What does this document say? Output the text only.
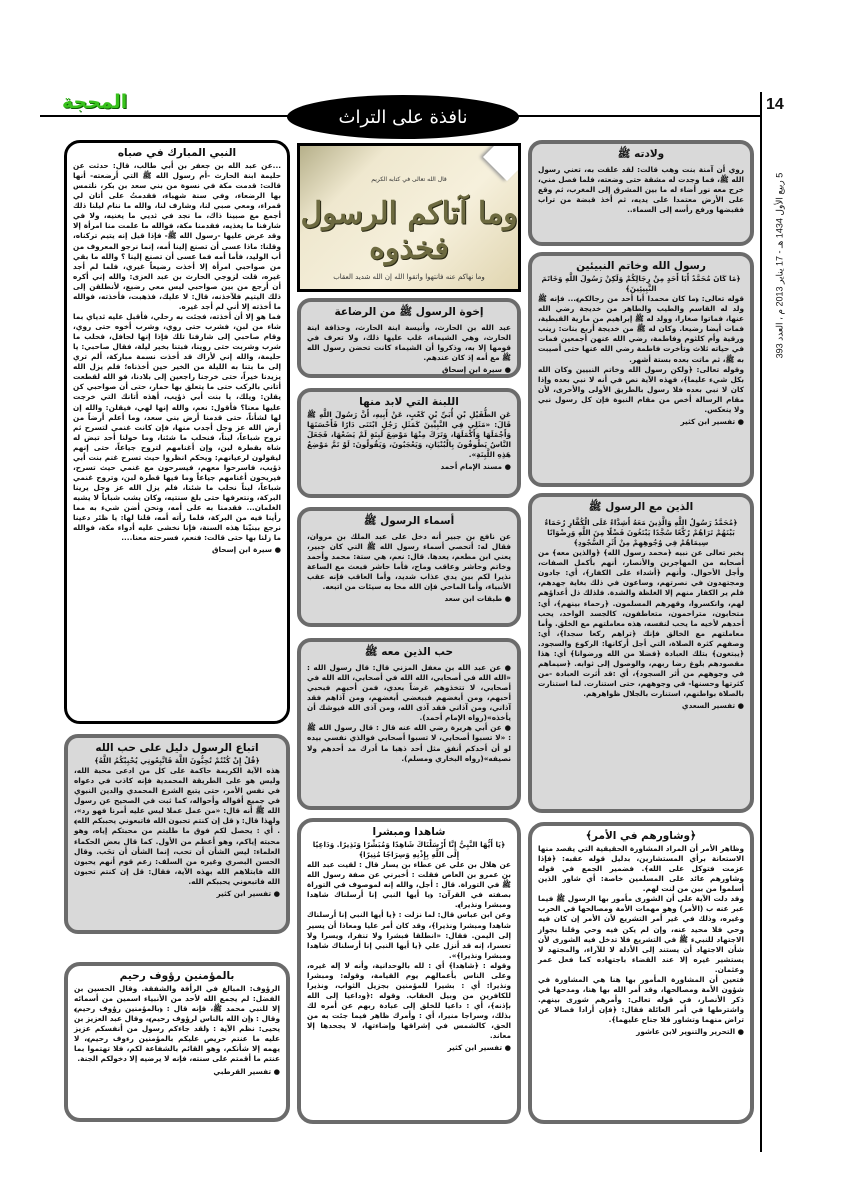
14
المحجة
نافذة على التراث
5 ربيع الأول 1434 هـ - 17 يناير 2013 م ، العدد 393
ولادته ﷺ

روي أن آمنة بنت وهب قالت: لقد علقت به، تعني رسول الله ﷺ، فما وجدت له مشقة حتى وضعته، فلما فصل مني، خرج معه نور أضاء له ما بين المشرق إلى المغرب، ثم وقع على الأرض معتمدا على يديه، ثم أخذ قبضة من تراب فقبضها ورفع رأسه إلى السماء..

رسول الله وخاتم النبيئين

﴿مَا كَانَ مُحَمَّدٌ أَبَا أَحَدٍ مِنْ رِجَالِكُمْ وَلَكِنْ رَسُولَ اللَّهِ وَخَاتَمَ النَّبِيئِينَ﴾

قوله تعالى: ﴿ما كان محمدا أبا أحد من رجالكم﴾... فإنه ﷺ ولد له القاسم والطيب والطاهر من خديجة رضي الله عنها، فماتوا صغارا، وولد له ﷺ إبراهيم من مارية القبطية، فمات أيضا رضيعا. وكان له ﷺ من خديجة أربع بنات: زينب ورقية وأم كلثوم وفاطمة، رضي الله عنهن أجمعين فمات في حياته ثلاث وتأخرت فاطمة رضي الله عنها حتى أصيبت به ﷺ، ثم ماتت بعده بستة أشهر.

وقوله تعالى: ﴿ولكن رسول الله وخاتم النبيين وكان الله بكل شيء عليما﴾، فهذه الآية نص في أنه لا نبي بعده وإذا كان لا نبي بعده فلا رسول بالطريق الأولى والأحرى، لأن مقام الرسالة أخص من مقام النبوة فإن كل رسول نبي ولا ينعكس.

● تفسير ابن كثير
الذين مع الرسول ﷺ

﴿مُحَمَّدٌ رَسُولُ اللَّهِ وَالَّذِينَ مَعَهُ أَشِدَّاءُ عَلَى الْكُفَّارِ رُحَمَاءُ بَيْنَهُمْ تَرَاهُمْ رُكَّعًا سُجَّدًا يَبْتَغُونَ فَضْلًا مِنَ اللَّهِ وَرِضْوَانًا سِيمَاهُمْ فِي وُجُوهِهِمْ مِنْ أَثَرِ السُّجُودِ﴾

يخبر تعالى عن نبيه ﴿محمد رسول الله﴾ ﴿والذين معه﴾ من أصحابه من المهاجرين والأنصار، أنهم بأكمل الصفات، وأجل الأحوال. وأنهم ﴿أشداء على الكفار﴾، أي: جادون ومجتهدون في نصرتهم، وساعون في ذلك بغاية جهدهم، فلم ير الكفار منهم إلا الغلظة والشدة. فلذلك ذل أعداؤهم لهم، وانكسروا، وقهرهم المسلمون. ﴿رحماء بينهم﴾، أي: متحابون، متراحمون، متعاطفون، كالجسد الواحد، يحب أحدهم لأخيه ما يحب لنفسه، هذه معاملتهم مع الخلق. وأما معاملتهم مع الخالق فإنك ﴿تراهم ركعا سجدا﴾، أي: وصفهم كثرة الصلاة، التي أجل أركانها: الركوع والسجود. ﴿يبتغون﴾ بتلك العبادة ﴿فضلا من الله ورضوانا﴾ أي: هذا مقصودهم بلوغ رضا ربهم، والوصول إلى ثوابه. ﴿سيماهم في وجوههم من أثر السجود﴾، أي :قد أثرت العبادة -من كثرتها وحسنها- في وجوههم، حتى استنارت. لما استنارت بالصلاة بواطنهم، استنارت بالجلال ظواهرهم.

● تفسير السعدي
﴿وشاورهم في الأمر﴾

وظاهر الأمر أن المراد المشاورة الحقيقية التي يقصد منها الاستعانة برأي المستشارين، بدليل قوله عقبه: ﴿فإذا عزمت فتوكل على الله﴾. فضمير الجمع في قوله وشاورهم عائد على المسلمين خاصة: أي شاور الذين أسلموا من بين من لنت لهم.

وقد دلت الآية على أن الشورى مأمور بها الرسول ﷺ فيما عبر عنه ب (الأمر) وهو مهمات الأمة ومصالحها في الحرب وغيره، وذلك في غير أمر التشريع لأن الأمر إن كان فيه وحي فلا محيد عنه، وإن لم يكن فيه وحي وقلنا بجواز الاجتهاد للنبيء ﷺ في التشريع فلا تدخل فيه الشورى لأن شأن الاجتهاد أن يستند إلى الأدلة لا للآراء، والمجتهد لا يستشير غيره إلا عند القضاء باجتهاده كما فعل عمر وعثمان.

فتعين أن المشاورة المأمور بها هنا هي المشاورة في شؤون الأمة ومصالحها، وقد أمر الله بها هنا، ومدحها في ذكر الأنصار، في قوله تعالى: وأمرهم شورى بينهم. واشترطها في أمر العائلة فقال: ﴿فإن أرادا فصالا عن تراض منهما وتشاور فلا جناح عليهما﴾.

● التحرير والتنوير لابن عاشور
قال الله تعالى في كتابه الكريم
وما آتاكم الرسول فخذوه
وما نهاكم عنه فانتهوا واتقوا الله إن الله شديد العقاب
إخوة الرسول ﷺ من الرضاعة

عبد الله بن الحارث، وأنيسة ابنة الحارث، وحذافة ابنة الحارث، وهي الشيماء، غلب عليها ذلك، ولا تعرف في قومها إلا به، وذكروا أن الشيماء كانت تحضن رسول الله ﷺ مع أمه إذ كان عندهم.

● سيرة ابن إسحاق
اللبنة التي لابد منها

عَنِ الطُّفَيْلِ بْنِ أُبَيِّ بْنِ كَعْبٍ، عَنْ أَبِيهِ، أَنَّ رَسُولَ اللَّهِ ﷺ قَالَ: «مَثَلِي فِي النَّبِيِّينَ كَمَثَلِ رَجُلٍ ابْتَنَى دَارًا فَأَحْسَنَهَا وَأَجْمَلَهَا وَأَكْمَلَهَا، وَتَرَكَ مِنْهَا مَوْضِعَ لَبِنَةٍ لَمْ يَضَعْهَا، فَجَعَلَ النَّاسُ يَطُوفُونَ بِالْبُنْيَانِ، وَيَعْجَبُونَ، وَيَقُولُونَ: لَوْ تَمَّ مَوْضِعُ هَذِهِ اللَّبِنَةِ».

● مسند الإمام أحمد
أسماء الرسول ﷺ

عن نافع بن جبير أنه دخل على عبد الملك بن مروان، فقال له: أتحصي أسماء رسول الله ﷺ التي كان جبير، يعني ابن مطعم، يعدها. قال: نعم، هي ستة: محمد وأحمد وخاتم وحاشر وعاقب وماح، فأما حاشر فبعث مع الساعة نذيرا لكم بين يدي عذاب شديد، وأما العاقب فإنه عقب الأنبياء، وأما الماحي فإن الله محا به سيئات من اتبعه.

● طبقات ابن سعد
حب الذين معه ﷺ

● عن عبد الله بن مغفل المزني قال: قال رسول الله : «الله الله في أصحابي، الله الله في أصحابي، الله الله في أصحابي، لا تتخذوهم غرضاً بعدي، فمن أحبهم فبحبي أحبهم، ومن أبغضهم فببغضي أبغضهم، ومن آذاهم فقد آذاني، ومن آذاني فقد آذى الله، ومن آذى الله فيوشك أن يأخذه»(رواه الإمام أحمد).

● عن أبي هريرة رضي الله عنه قال : قال رسول الله ﷺ : «لا تسبوا أصحابي، لا تسبوا أصحابي فوالذي نفسي بيده لو أن أحدكم أنفق مثل أحد ذهبا ما أدرك مد أحدهم ولا نصيفه»(رواه البخاري ومسلم).

شاهدا ومبشرا

﴿يَا أَيُّهَا النَّبِيُّ إِنَّا أَرْسَلْنَاكَ شَاهِدًا وَمُبَشِّرًا وَنَذِيرًا. وَدَاعِيًا إِلَى اللَّهِ بِإِذْنِهِ وَسِرَاجًا مُنِيرًا﴾

عن هلال بن علي عن عطاء بن يسار قال : لقيت عبد الله بن عمرو بن العاص فقلت : أخبرني عن صفة رسول الله ﷺ في التوراة. قال : أجل، والله إنه لموصوف في التوراة بصفته في القرآن: ﴿يا أيها النبي إنا أرسلناك شاهدا ومبشرا ونذيرا﴾.

وعن ابن عباس قال: لما نزلت : ﴿يا أيها النبي إنا أرسلناك شاهدا ومبشرا ونذيرا﴾، وقد كان أمر عليا ومعاذا أن يسير إلى اليمن. فقال: «انطلقا فبشرا ولا تنفرا، ويسرا ولا تعسرا، إنه قد أنزل علي ﴿يا أيها النبي إنا أرسلناك شاهدا ومبشرا ونذيرا﴾».

وقوله : ﴿شاهدا﴾ أي : لله بالوحدانية، وأنه لا إله غيره، وعلى الناس بأعمالهم يوم القيامة، وقوله: ومبشرا ونذيرا: أي : بشيرا للمؤمنين بجزيل الثواب، ونذيرا للكافرين من وبيل العقاب. وقوله :﴿وداعيا إلى الله بإذنه﴾، أي : داعيا للخلق إلى عبادة ربهم عن أمره لك بذلك، وسراجا منيرا، أي : وأمرك ظاهر فيما جئت به من الحق، كالشمس في إشراقها وإضاءتها، لا يجحدها إلا معاند.

● تفسير ابن كثير
النبي المبارك في صباه

...عن عبد الله بن جعفر بن أبي طالب، قال: حدثت عن حليمة ابنة الحارث -أم رسول الله ﷺ التي أرضعته- أنها قالت: قدمت مكة في نسوة من بني سعد بن بكر، نلتمس بها الرضعاء، وفي سنة شهباء، فقدمتُ على أتان لي قمراء، ومعي صبي لنا، وشارف لنا، والله ما ننام ليلنا ذلك أجمع مع صبينا ذاك، ما نجد في ثديي ما يغنيه، ولا في شارفنا ما يغذيه، فقدمنا مكة، فوالله ما علمت منا امرأة إلا وقد عرض عليها -رسول الله ﷺ- فإذا قيل إنه يتيم تركناه، وقلنا: ماذا عسى أن تصنع إلينا أمه، إنما نرجو المعروف من أب الوليد، فأما أمه فما عسى أن تصنع إلينا ؟ والله ما بقي من صواحبي امرأة إلا أخذت رضيعاً غيري، فلما لم أجد غيره، قلت لزوجي الحارث بن عبد العزى: والله إني أكره أن أرجع من بين صواحبي ليس معي رضيع، لأنطلقن إلى ذلك اليتيم فلآخذنه، قال: لا عليك، فذهبت، فأخذته، فوالله ما أخذته إلا أني لم أجد غيره.

فما هو إلا أن أخذته، فجئت به رحلي، فأقبل عليه ثدياي بما شاء من لبن، فشرب حتى روي، وشرب أخوه حتى روي، وقام صاحبي إلى شارفنا تلك فإذا إنها لحافل، فحلب ما شرب وشربت حتى روينا، فبتنا بخير ليلة، فقال صاحبي: يا حليمة، والله إني لأراك قد أخذت نسمة مباركة، ألم تري إلى ما بتنا به الليلة من الخير حين أخذناه؛ فلم يزل الله يزيدنا خيراً، حتى خرجنا راجعين إلى بلادنا، فو الله لقطعت أتاني بالركب حتى ما يتعلق بها حمار، حتى أن صواحبي كن يقلن: ويلك، يا بنت أبي ذؤيب، أهذه أتانك التي خرجت عليها معنا؟ فأقول: نعم، والله إنها لهي، فيقلن: والله إن لها لشأناً، حتى قدمنا أرض بني سعد، وما أعلم أرضاً من أرض الله عز وجل أجدب منها، فإن كانت غنمي لتسرح ثم تروح شباعاً، لبناً، فنحلب ما شئنا، وما حولنا أحد تبض له شاة بقطرة لبن، وإن أغنامهم لتروح جياعاً، حتى إنهم ليقولون لرعيانهم: ويحكم انظروا حيث تسرح غنم بنت أبي ذؤيب، فاسرحوا معهم، فيسرحون مع غنمي حيث تسرح، فيريحون أغنامهم جياعاً وما فيها قطرة لبن، وتروح غنمي شباعاً، لبناً نحلب ما شئنا، فلم يزل الله عز وجل يرينا البركة، ونتعرفها حتى بلغ سنتيه، وكان يشب شباباً لا يشبه الغلمان... فقدمنا به على أمه، ونحن أضن شيء به مما رأينا فيه من البركة، فلما رأته أمه، قلنا لها: يا ظئر دعينا نرجع ببنيّنا هذه السنة، فإنا نخشى عليه أدواء مكة، فوالله ما زلنا بها حتى قالت: فنعم، فسرحته معنا....

● سيرة ابن إسحاق
اتباع الرسول دليل على حب الله

﴿قُلْ إِنْ كُنْتُمْ تُحِبُّونَ اللَّهَ فَاتَّبِعُونِي يُحْبِبْكُمُ اللَّهُ﴾

هذه الآية الكريمة حاكمة على كل من ادعى محبة الله، وليس هو على الطريقة المحمدية فإنه كاذب في دعواه في نفس الأمر، حتى يتبع الشرع المحمدي والدين النبوي في جميع أقواله وأحواله، كما ثبت في الصحيح عن رسول الله ﷺ أنه قال: «من عمل عملا ليس عليه أمرنا فهو رد»، ولهذا قال: ﴿ قل إن كنتم تحبون الله فاتبعوني يحببكم الله﴾ . أي : يحصل لكم فوق ما طلبتم من محبتكم إياه، وهو محبته إياكم، وهو أعظم من الأول. كما قال بعض الحكماء العلماء: ليس الشأن أن تحب، إنما الشأن أن تحَب. وقال الحسن البصري وغيره من السلف: زعم قوم أنهم يحبون الله فابتلاهم الله بهذه الآية، فقال: قل إن كنتم تحبون الله فاتبعوني يحببكم الله.

● تفسير ابن كثير
بالمؤمنين رؤوف رحيم

الرؤوف: المبالغ في الرأفة والشفقة. وقال الحسين بن الفضل: لم يجمع الله لأحد من الأنبياء اسمين من أسمائه إلا للنبي محمد ﷺ، فإنه قال : ﴿بالمؤمنين رؤوف رحيم﴾ وقال : ﴿إن الله بالناس لرؤوف رحيم﴾، وقال عبد العزيز بن يحيى: نظم الآية : ﴿لقد جاءكم رسول من أنفسكم عزيز عليه ما عنتم حريص عليكم بالمؤمنين رءوف رحيم﴾، لا يهمه إلا شأنكم، وهو القائم بالشفاعة لكم، فلا تهتموا بما عنتم ما أقمتم على سنته، فإنه لا يرضيه إلا دخولكم الجنة.

● تفسير القرطبي
